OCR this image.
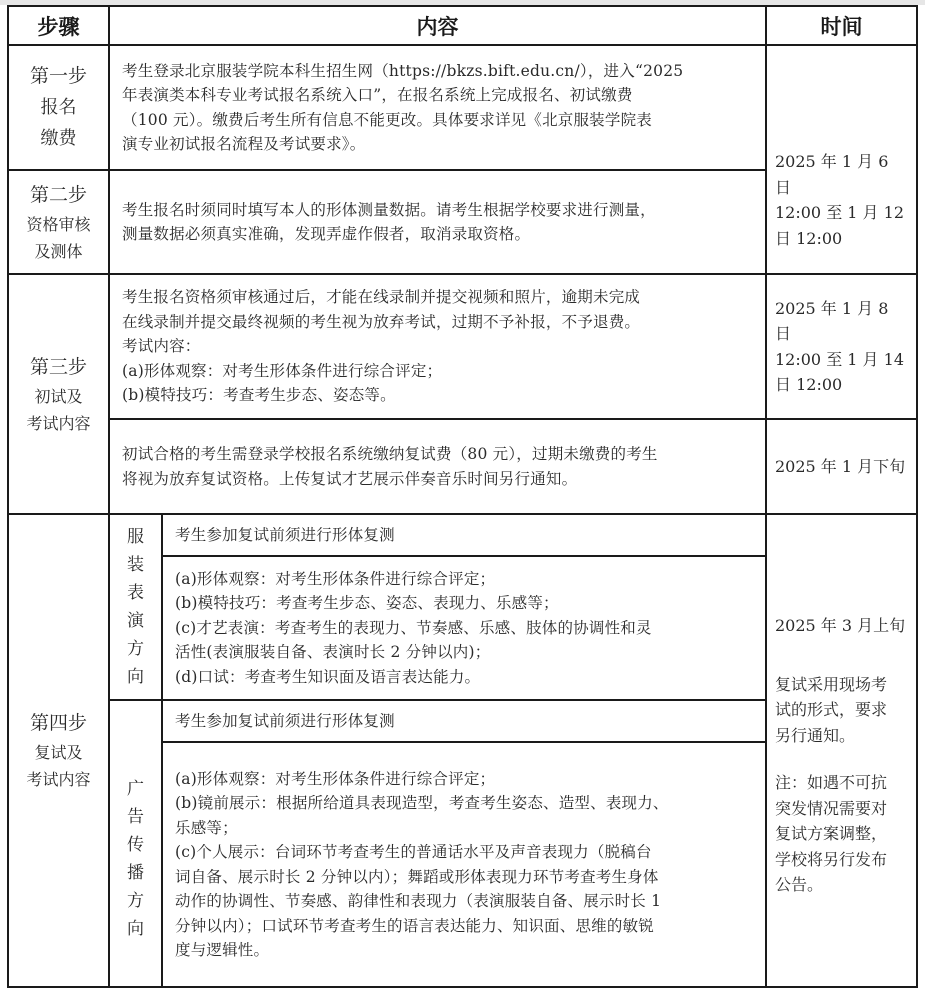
步骤	内容	时间
第一步
报名
缴费

考生登录北京服装学院本科生招生网（https://bkzs.bift.edu.cn/），进入“2025

年表演类本科专业考试报名系统入口”，在报名系统上完成报名、初试缴费

（100 元）。缴费后考生所有信息不能更改。具体要求详见《北京服装学院表

演专业初试报名流程及考试要求》。

第二步
资格审核
及测体

考生报名时须同时填写本人的形体测量数据。请考生根据学校要求进行测量，

测量数据必须真实准确，发现弄虚作假者，取消录取资格。

2025 年 1 月 6 日
12:00 至 1 月 12
日 12:00
第三步
初试及
考试内容

考生报名资格须审核通过后，才能在线录制并提交视频和照片，逾期未完成

在线录制并提交最终视频的考生视为放弃考试，过期不予补报，不予退费。

考试内容：

(a)形体观察：对考生形体条件进行综合评定；

(b)模特技巧：考查考生步态、姿态等。

2025 年 1 月 8 日
12:00 至 1 月 14
日 12:00

初试合格的考生需登录学校报名系统缴纳复试费（80 元），过期未缴费的考生

将视为放弃复试资格。上传复试才艺展示伴奏音乐时间另行通知。

2025 年 1 月下旬
第四步
复试及
考试内容
服
装
表
演
方
向

考生参加复试前须进行形体复测

(a)形体观察：对考生形体条件进行综合评定；

(b)模特技巧：考查考生步态、姿态、表现力、乐感等；

(c)才艺表演：考查考生的表现力、节奏感、乐感、肢体的协调性和灵

活性(表演服装自备、表演时长 2 分钟以内)；

(d)口试：考查考生知识面及语言表达能力。

广
告
传
播
方
向

考生参加复试前须进行形体复测

(a)形体观察：对考生形体条件进行综合评定；

(b)镜前展示：根据所给道具表现造型，考查考生姿态、造型、表现力、

乐感等；

(c)个人展示：台词环节考查考生的普通话水平及声音表现力（脱稿台

词自备、展示时长 2 分钟以内）；舞蹈或形体表现力环节考查考生身体

动作的协调性、节奏感、韵律性和表现力（表演服装自备、展示时长 1

分钟以内）；口试环节考查考生的语言表达能力、知识面、思维的敏锐

度与逻辑性。

2025 年 3 月上旬
复试采用现场考
试的形式，要求
另行通知。
注：如遇不可抗
突发情况需要对
复试方案调整，
学校将另行发布
公告。
